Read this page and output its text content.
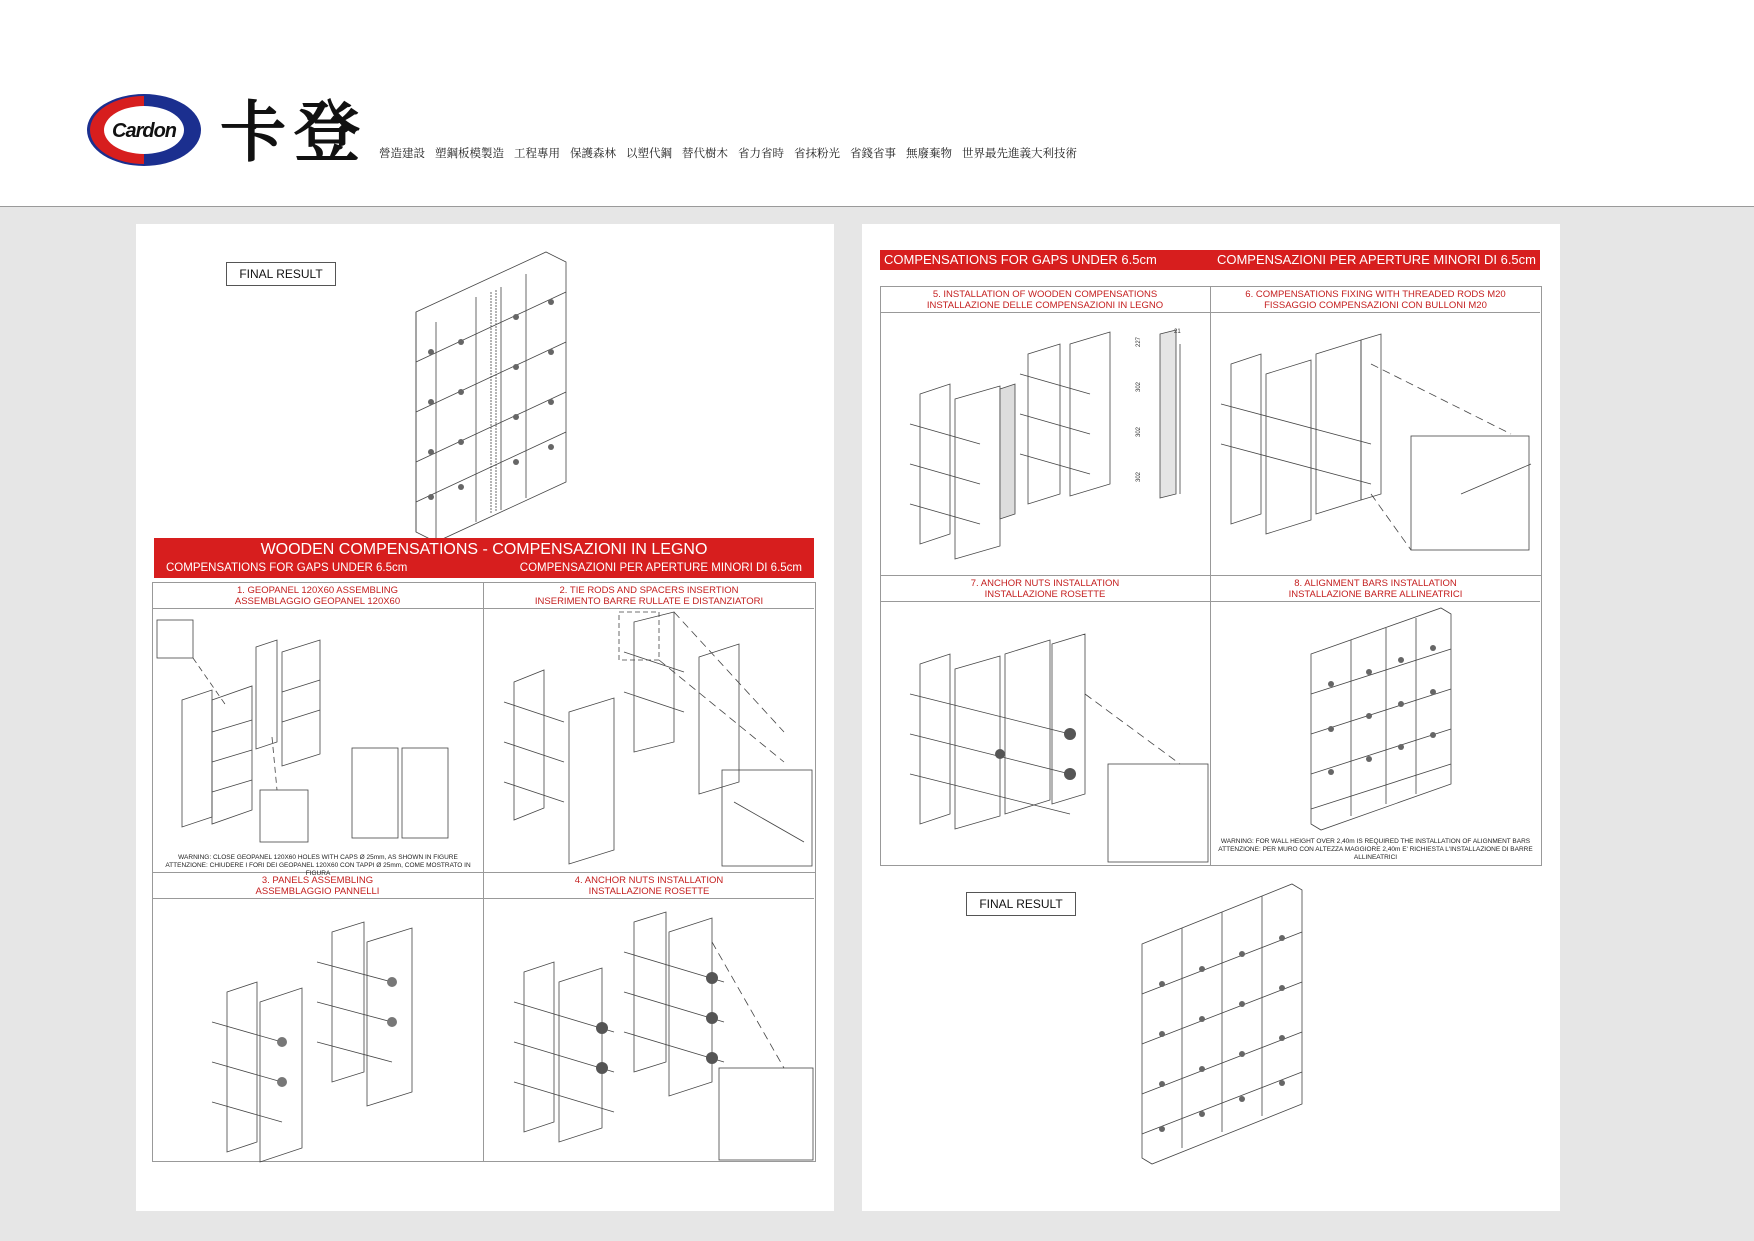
Cardon 卡登 營造建設 塑鋼板模製造 工程專用 保護森林 以塑代鋼 替代樹木 省力省時 省抹粉光 省錢省事 無廢棄物 世界最先進義大利技術
FINAL RESULT
WOODEN COMPENSATIONS - COMPENSAZIONI IN LEGNO
COMPENSATIONS FOR GAPS UNDER 6.5cm	COMPENSAZIONI PER APERTURE MINORI DI 6.5cm
1. GEOPANEL 120X60 ASSEMBLING
ASSEMBLAGGIO GEOPANEL 120X60
2. TIE RODS AND SPACERS INSERTION
INSERIMENTO BARRE RULLATE E DISTANZIATORI
3. PANELS ASSEMBLING
ASSEMBLAGGIO PANNELLI
4. ANCHOR NUTS INSTALLATION
INSTALLAZIONE ROSETTE
WARNING: CLOSE GEOPANEL 120X60 HOLES WITH CAPS Ø 25mm, AS SHOWN IN FIGURE
ATTENZIONE: CHIUDERE I FORI DEI GEOPANEL 120X60 CON TAPPI Ø 25mm, COME MOSTRATO IN FIGURA
COMPENSATIONS FOR GAPS UNDER 6.5cm	COMPENSAZIONI PER APERTURE MINORI DI 6.5cm
5. INSTALLATION OF WOODEN COMPENSATIONS
INSTALLAZIONE DELLE COMPENSAZIONI IN LEGNO
6. COMPENSATIONS FIXING WITH THREADED RODS M20
FISSAGGIO COMPENSAZIONI CON BULLONI M20
7. ANCHOR NUTS INSTALLATION
INSTALLAZIONE ROSETTE
8. ALIGNMENT BARS INSTALLATION
INSTALLAZIONE BARRE ALLINEATRICI
227
302
302
302
21
WARNING: FOR WALL HEIGHT OVER 2,40m IS REQUIRED THE INSTALLATION OF ALIGNMENT BARS
ATTENZIONE: PER MURO CON ALTEZZA MAGGIORE 2,40m E' RICHIESTA L'INSTALLAZIONE DI BARRE ALLINEATRICI
FINAL RESULT
